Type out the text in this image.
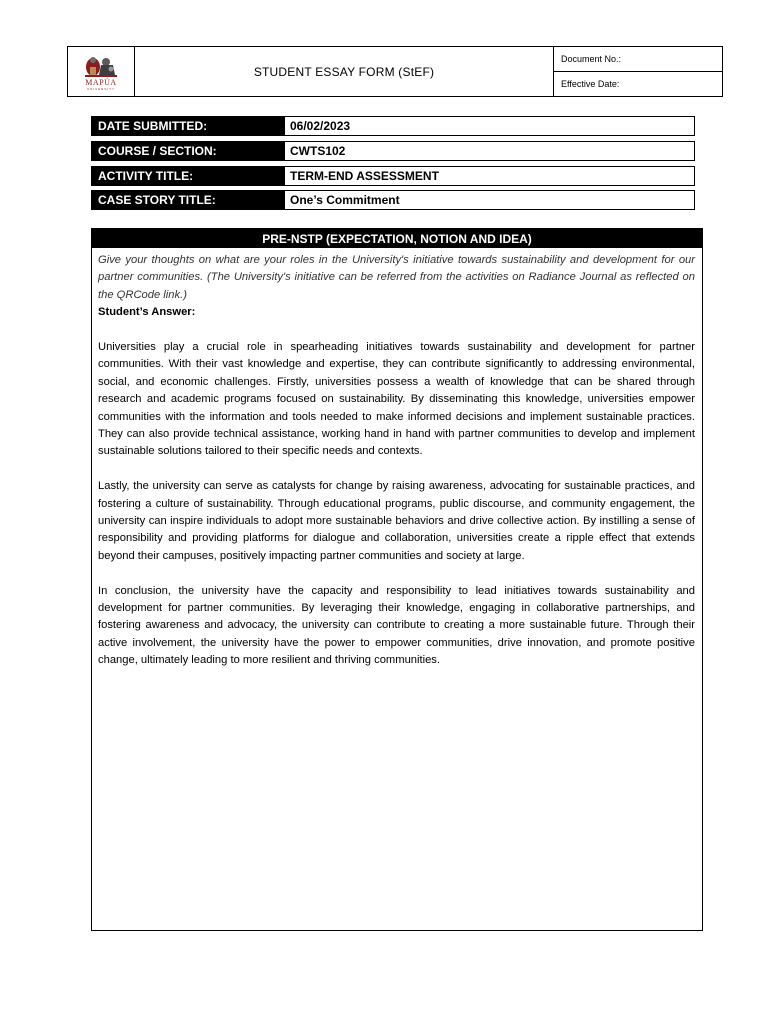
MAPÚA
UNIVERSITY
STUDENT ESSAY FORM (StEF)
Document No.:
Effective Date:
DATE SUBMITTED:	06/02/2023
COURSE / SECTION:	CWTS102
ACTIVITY TITLE:	TERM-END ASSESSMENT
CASE STORY TITLE:	One’s Commitment
PRE-NSTP (EXPECTATION, NOTION AND IDEA)

Give your thoughts on what are your roles in the University's initiative towards sustainability and development for our partner communities. (The University's initiative can be referred from the activities on Radiance Journal as reflected on the QRCode link.)

Student’s Answer:

Universities play a crucial role in spearheading initiatives towards sustainability and development for partner communities. With their vast knowledge and expertise, they can contribute significantly to addressing environmental, social, and economic challenges. Firstly, universities possess a wealth of knowledge that can be shared through research and academic programs focused on sustainability. By disseminating this knowledge, universities empower communities with the information and tools needed to make informed decisions and implement sustainable practices. They can also provide technical assistance, working hand in hand with partner communities to develop and implement sustainable solutions tailored to their specific needs and contexts.

Lastly, the university can serve as catalysts for change by raising awareness, advocating for sustainable practices, and fostering a culture of sustainability. Through educational programs, public discourse, and community engagement, the university can inspire individuals to adopt more sustainable behaviors and drive collective action. By instilling a sense of responsibility and providing platforms for dialogue and collaboration, universities create a ripple effect that extends beyond their campuses, positively impacting partner communities and society at large.

In conclusion, the university have the capacity and responsibility to lead initiatives towards sustainability and development for partner communities. By leveraging their knowledge, engaging in collaborative partnerships, and fostering awareness and advocacy, the university can contribute to creating a more sustainable future. Through their active involvement, the university have the power to empower communities, drive innovation, and promote positive change, ultimately leading to more resilient and thriving communities.
